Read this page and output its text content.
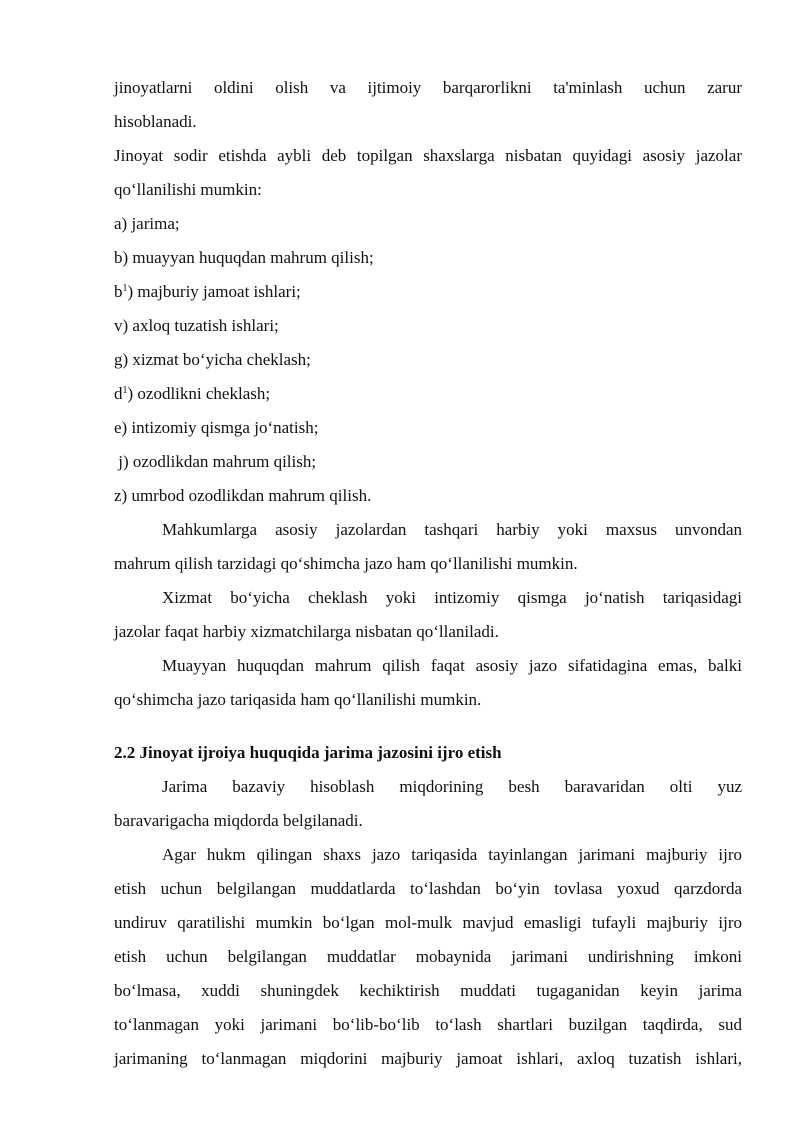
jinoyatlarni oldini olish va ijtimoiy barqarorlikni ta'minlash uchun zarur
hisoblanadi.
Jinoyat sodir etishda aybli deb topilgan shaxslarga nisbatan quyidagi asosiy jazolar
qo‘llanilishi mumkin:
a) jarima;
b) muayyan huquqdan mahrum qilish;
$b^1$) majburiy jamoat ishlari;
v) axloq tuzatish ishlari;
g) xizmat bo‘yicha cheklash;
$d^1$) ozodlikni cheklash;
e) intizomiy qismga jo‘natish;
j) ozodlikdan mahrum qilish;
z) umrbod ozodlikdan mahrum qilish.
Mahkumlarga asosiy jazolardan tashqari harbiy yoki maxsus unvondan
mahrum qilish tarzidagi qo‘shimcha jazo ham qo‘llanilishi mumkin.
Xizmat bo‘yicha cheklash yoki intizomiy qismga jo‘natish tariqasidagi
jazolar faqat harbiy xizmatchilarga nisbatan qo‘llaniladi.
Muayyan huquqdan mahrum qilish faqat asosiy jazo sifatidagina emas, balki
qo‘shimcha jazo tariqasida ham qo‘llanilishi mumkin.
2.2 Jinoyat ijroiya huquqida jarima jazosini ijro etish
Jarima bazaviy hisoblash miqdorining besh baravaridan olti yuz
baravarigacha miqdorda belgilanadi.
Agar hukm qilingan shaxs jazo tariqasida tayinlangan jarimani majburiy ijro
etish uchun belgilangan muddatlarda to‘lashdan bo‘yin tovlasa yoxud qarzdorda
undiruv qaratilishi mumkin bo‘lgan mol-mulk mavjud emasligi tufayli majburiy ijro
etish uchun belgilangan muddatlar mobaynida jarimani undirishning imkoni
bo‘lmasa, xuddi shuningdek kechiktirish muddati tugaganidan keyin jarima
to‘lanmagan yoki jarimani bo‘lib-bo‘lib to‘lash shartlari buzilgan taqdirda, sud
jarimaning to‘lanmagan miqdorini majburiy jamoat ishlari, axloq tuzatish ishlari,
